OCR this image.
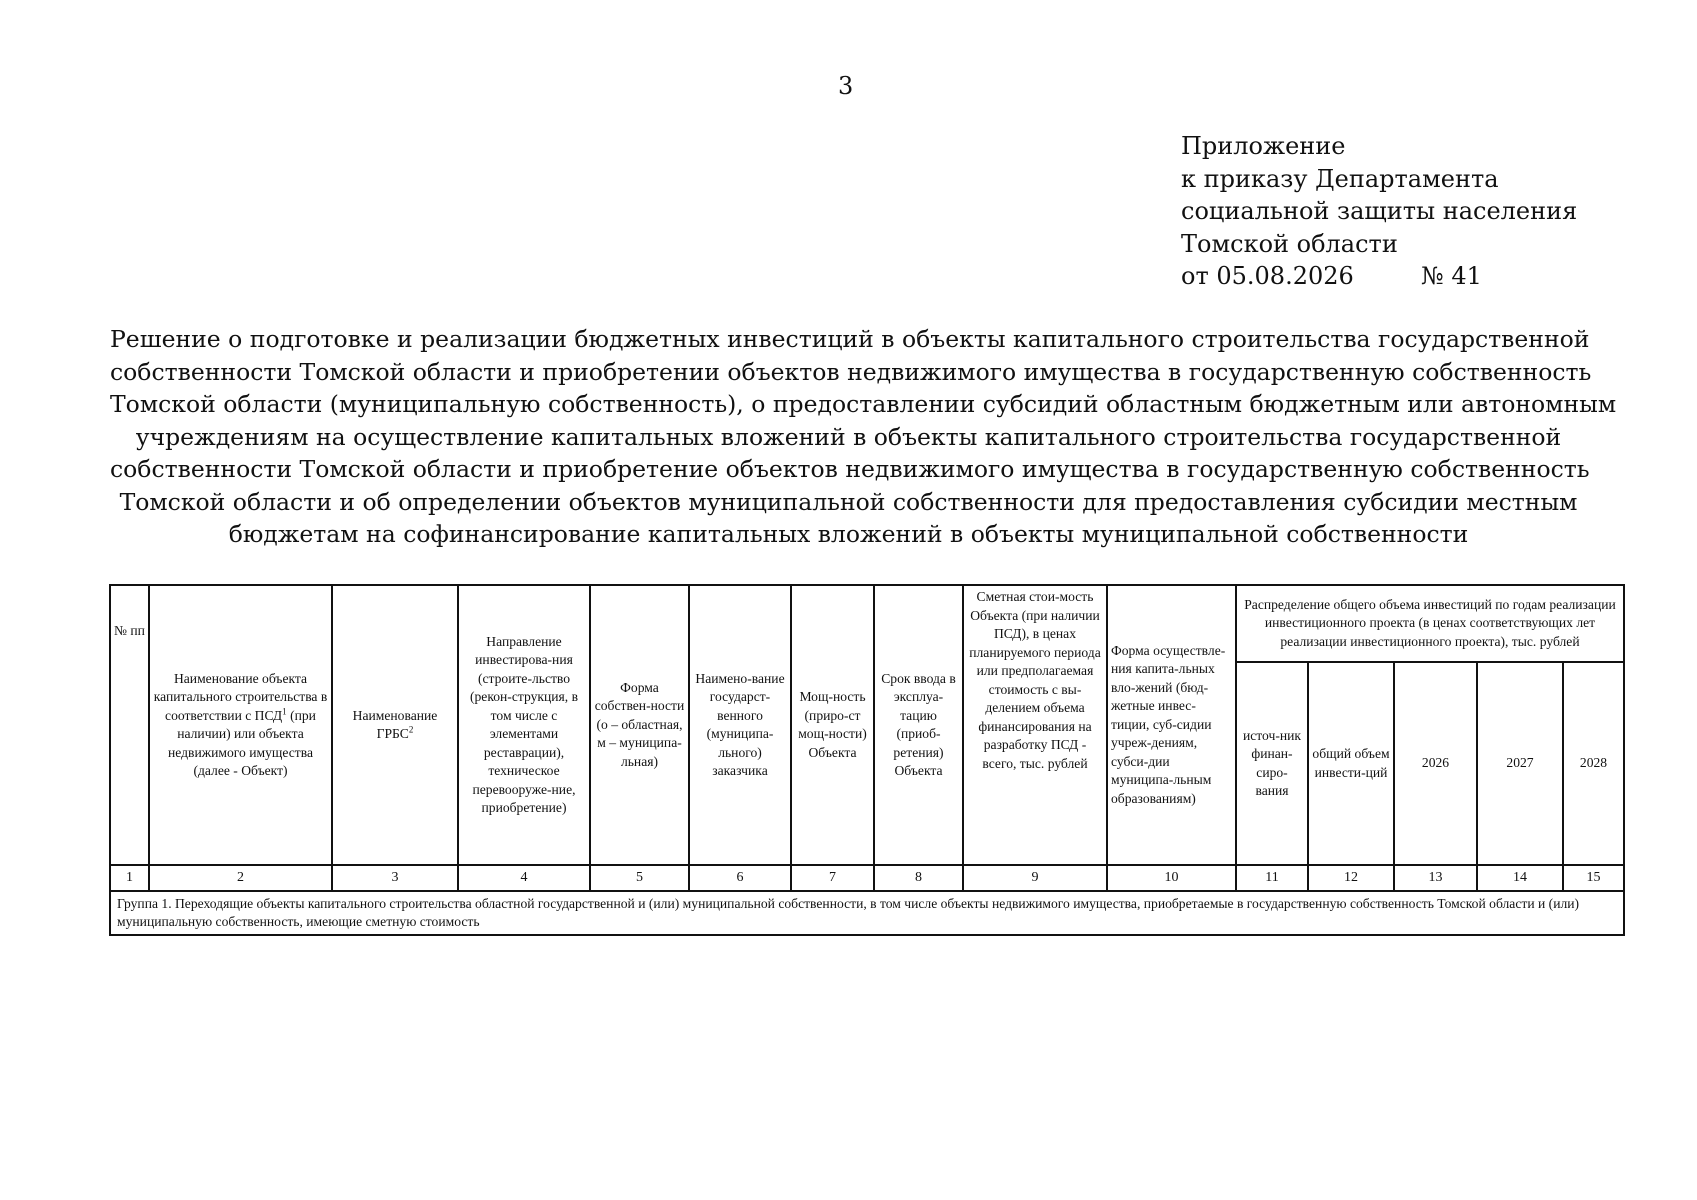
3
Приложение
к приказу Департамента
социальной защиты населения
Томской области
от 05.08.2026	№ 41
Решение о подготовке и реализации бюджетных инвестиций в объекты капитального строительства государственной
собственности Томской области и приобретении объектов недвижимого имущества в государственную собственность
Томской области (муниципальную собственность), о предоставлении субсидий областным бюджетным или автономным
учреждениям на осуществление капитальных вложений в объекты капитального строительства государственной
собственности Томской области и приобретение объектов недвижимого имущества в государственную собственность
Томской области и об определении объектов муниципальной собственности для предоставления субсидии местным
бюджетам на софинансирование капитальных вложений в объекты муниципальной собственности
№ пп	Наименование объекта капитального строительства в соответствии с ПСД$^1$ (при наличии) или объекта недвижимого имущества (далее - Объект)	Наименование ГРБС$^2$	Направление инвестирова-ния (строите-льство (рекон-струкция, в том числе с элементами реставрации), техническое перевооруже-ние, приобретение)	Форма собствен-ности (о – областная, м – муниципа-льная)	Наимено-вание государст-венного (муниципа-льного) заказчика	Мощ-ность (приро-ст мощ-ности) Объекта	Срок ввода в эксплуа-тацию (приоб-ретения) Объекта	Сметная стои-мость Объекта (при наличии ПСД), в ценах планируемого периода или предполагаемая стоимость с вы-делением объема финансирования на разработку ПСД - всего, тыс. рублей	Форма осуществле-ния капита-льных вло-жений (бюд-жетные инвес-тиции, суб-сидии учреж-дениям, субси-дии муниципа-льным образованиям)	Распределение общего объема инвестиций по годам реализации инвестиционного проекта (в ценах соответствующих лет реализации инвестиционного проекта), тыс. рублей				
										источ-ник финан-сиро-вания	общий объем инвести-ций	2026	2027	2028
1	2	3	4	5	6	7	8	9	10	11	12	13	14	15
Группа 1. Переходящие объекты капитального строительства областной государственной и (или) муниципальной собственности, в том числе объекты недвижимого имущества, приобретаемые в государственную собственность Томской области и (или) муниципальную собственность, имеющие сметную стоимость														
